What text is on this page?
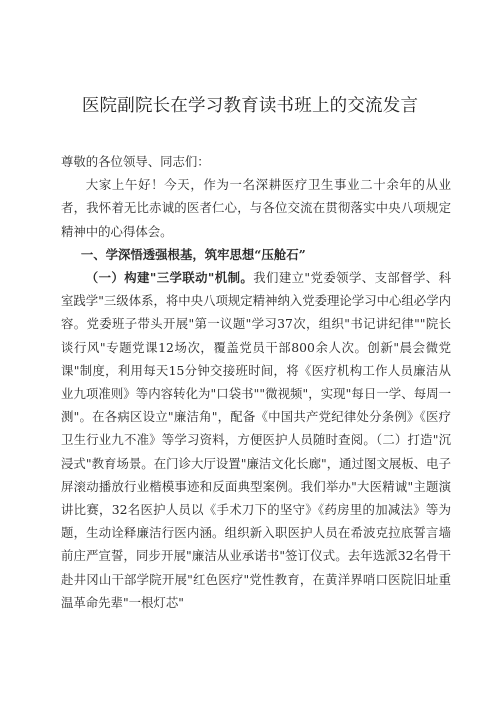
医院副院长在学习教育读书班上的交流发言

尊敬的各位领导、同志们：

大家上午好！今天，作为一名深耕医疗卫生事业二十余年的从业者，我怀着无比赤诚的医者仁心，与各位交流在贯彻落实中央八项规定精神中的心得体会。

一、学深悟透强根基，筑牢思想“压舱石”

（一）构建"三学联动"机制。我们建立"党委领学、支部督学、科室践学"三级体系，将中央八项规定精神纳入党委理论学习中心组必学内容。党委班子带头开展"第一议题"学习37次，组织"书记讲纪律""院长谈行风"专题党课12场次，覆盖党员干部800余人次。创新"晨会微党课"制度，利用每天15分钟交接班时间，将《医疗机构工作人员廉洁从业九项准则》等内容转化为"口袋书""微视频"，实现"每日一学、每周一测"。在各病区设立"廉洁角"，配备《中国共产党纪律处分条例》《医疗卫生行业九不准》等学习资料，方便医护人员随时查阅。（二）打造"沉浸式"教育场景。在门诊大厅设置"廉洁文化长廊"，通过图文展板、电子屏滚动播放行业楷模事迹和反面典型案例。我们举办"大医精诚"主题演讲比赛，32名医护人员以《手术刀下的坚守》《药房里的加减法》等为题，生动诠释廉洁行医内涵。组织新入职医护人员在希波克拉底誓言墙前庄严宣誓，同步开展"廉洁从业承诺书"签订仪式。去年选派32名骨干赴井冈山干部学院开展"红色医疗"党性教育，在黄洋界哨口医院旧址重温革命先辈"一根灯芯"
